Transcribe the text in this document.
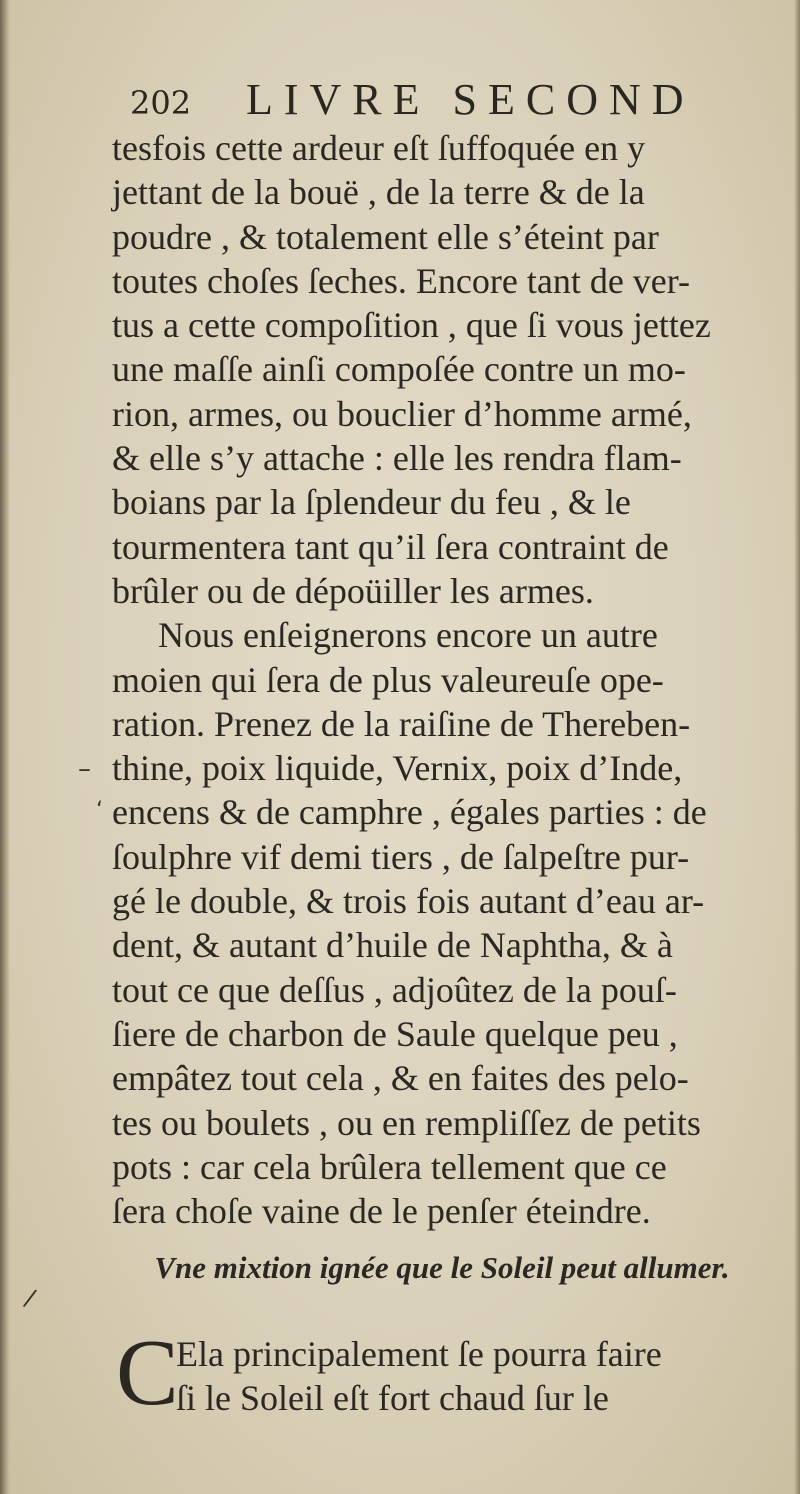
202 LIVRE SECOND
tesfois cette ardeur eſt ſuffoquée en y
jettant de la bouë , de la terre & de la
poudre , & totalement elle s’éteint par
toutes choſes ſeches. Encore tant de ver-
tus a cette compoſition , que ſi vous jettez
une maſſe ainſi compoſée contre un mo-
rion, armes, ou bouclier d’homme armé,
& elle s’y attache : elle les rendra flam-
boians par la ſplendeur du feu , & le
tourmentera tant qu’il ſera contraint de
brûler ou de dépoüiller les armes.
Nous enſeignerons encore un autre
moien qui ſera de plus valeureuſe ope-
ration. Prenez de la raiſine de Thereben-
thine, poix liquide, Vernix, poix d’Inde,
encens & de camphre , égales parties : de
ſoulphre vif demi tiers , de ſalpeſtre pur-
gé le double, & trois fois autant d’eau ar-
dent, & autant d’huile de Naphtha, & à
tout ce que deſſus , adjoûtez de la pouſ-
ſiere de charbon de Saule quelque peu ,
empâtez tout cela , & en faites des pelo-
tes ou boulets , ou en rempliſſez de petits
pots : car cela brûlera tellement que ce
ſera choſe vaine de le penſer éteindre.
Vne mixtion ignée que le Soleil peut allumer.
C
Ela principalement ſe pourra faire
ſi le Soleil eſt fort chaud ſur le
–
‘
/
